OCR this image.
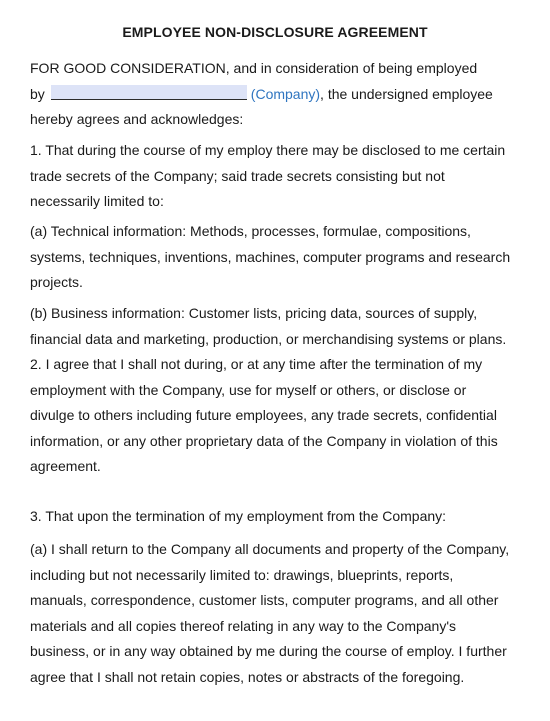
EMPLOYEE NON-DISCLOSURE AGREEMENT

FOR GOOD CONSIDERATION, and in consideration of being employed
by	(Company), the undersigned employee
hereby agrees and acknowledges:

1. That during the course of my employ there may be disclosed to me certain
trade secrets of the Company; said trade secrets consisting but not
necessarily limited to:

(a) Technical information: Methods, processes, formulae, compositions,
systems, techniques, inventions, machines, computer programs and research
projects.

(b) Business information: Customer lists, pricing data, sources of supply,
financial data and marketing, production, or merchandising systems or plans.
2. I agree that I shall not during, or at any time after the termination of my
employment with the Company, use for myself or others, or disclose or
divulge to others including future employees, any trade secrets, confidential
information, or any other proprietary data of the Company in violation of this
agreement.

3. That upon the termination of my employment from the Company:

(a) I shall return to the Company all documents and property of the Company,
including but not necessarily limited to: drawings, blueprints, reports,
manuals, correspondence, customer lists, computer programs, and all other
materials and all copies thereof relating in any way to the Company's
business, or in any way obtained by me during the course of employ. I further
agree that I shall not retain copies, notes or abstracts of the foregoing.
